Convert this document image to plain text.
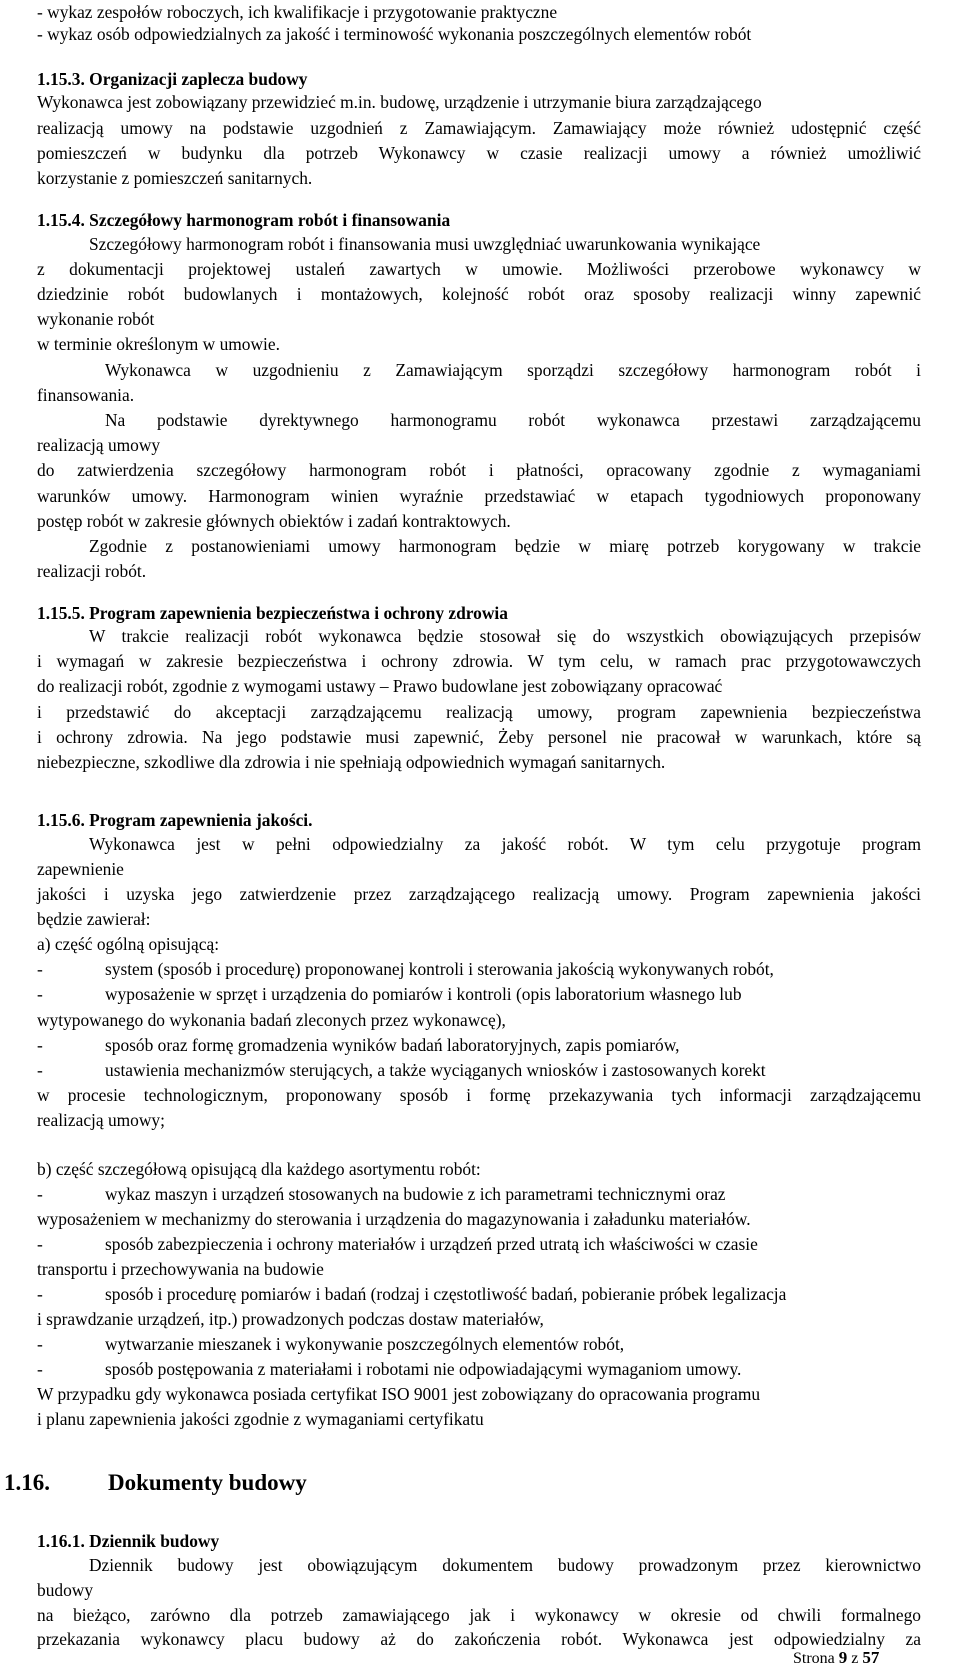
- wykaz zespołów roboczych, ich kwalifikacje i przygotowanie praktyczne
- wykaz osób odpowiedzialnych za jakość i terminowość wykonania poszczególnych elementów robót
1.15.3. Organizacji zaplecza budowy
Wykonawca jest zobowiązany przewidzieć m.in. budowę, urządzenie i utrzymanie biura zarządzającego
realizacją umowy na podstawie uzgodnień z Zamawiającym. Zamawiający może również udostępnić część
pomieszczeń w budynku dla potrzeb Wykonawcy w czasie realizacji umowy a również umożliwić
korzystanie z pomieszczeń sanitarnych.
1.15.4. Szczegółowy harmonogram robót i finansowania
Szczegółowy harmonogram robót i finansowania musi uwzględniać uwarunkowania wynikające
z dokumentacji projektowej ustaleń zawartych w umowie. Możliwości przerobowe wykonawcy w
dziedzinie robót budowlanych i montażowych, kolejność robót oraz sposoby realizacji winny zapewnić
wykonanie robót
w terminie określonym w umowie.
Wykonawca w uzgodnieniu z Zamawiającym sporządzi szczegółowy harmonogram robót i
finansowania.
Na podstawie dyrektywnego harmonogramu robót wykonawca przestawi zarządzającemu
realizacją umowy
do zatwierdzenia szczegółowy harmonogram robót i płatności, opracowany zgodnie z wymaganiami
warunków umowy. Harmonogram winien wyraźnie przedstawiać w etapach tygodniowych proponowany
postęp robót w zakresie głównych obiektów i zadań kontraktowych.
Zgodnie z postanowieniami umowy harmonogram będzie w miarę potrzeb korygowany w trakcie
realizacji robót.
1.15.5. Program zapewnienia bezpieczeństwa i ochrony zdrowia
W trakcie realizacji robót wykonawca będzie stosował się do wszystkich obowiązujących przepisów
i wymagań w zakresie bezpieczeństwa i ochrony zdrowia. W tym celu, w ramach prac przygotowawczych
do realizacji robót, zgodnie z wymogami ustawy – Prawo budowlane jest zobowiązany opracować
i przedstawić do akceptacji zarządzającemu realizacją umowy, program zapewnienia bezpieczeństwa
i ochrony zdrowia. Na jego podstawie musi zapewnić, Żeby personel nie pracował w warunkach, które są
niebezpieczne, szkodliwe dla zdrowia i nie spełniają odpowiednich wymagań sanitarnych.
1.15.6. Program zapewnienia jakości.
Wykonawca jest w pełni odpowiedzialny za jakość robót. W tym celu przygotuje program
zapewnienie
jakości i uzyska jego zatwierdzenie przez zarządzającego realizacją umowy. Program zapewnienia jakości
będzie zawierał:
a) część ogólną opisującą:
-	system (sposób i procedurę) proponowanej kontroli i sterowania jakością wykonywanych robót,
-	wyposażenie w sprzęt i urządzenia do pomiarów i kontroli (opis laboratorium własnego lub
wytypowanego do wykonania badań zleconych przez wykonawcę),
-	sposób oraz formę gromadzenia wyników badań laboratoryjnych, zapis pomiarów,
-	ustawienia mechanizmów sterujących, a także wyciąganych wniosków i zastosowanych korekt
w procesie technologicznym, proponowany sposób i formę przekazywania tych informacji zarządzającemu
realizacją umowy;
b) część szczegółową opisującą dla każdego asortymentu robót:
-	wykaz maszyn i urządzeń stosowanych na budowie z ich parametrami technicznymi oraz
wyposażeniem w mechanizmy do sterowania i urządzenia do magazynowania i załadunku materiałów.
-	sposób zabezpieczenia i ochrony materiałów i urządzeń przed utratą ich właściwości w czasie
transportu i przechowywania na budowie
-	sposób i procedurę pomiarów i badań (rodzaj i częstotliwość badań, pobieranie próbek legalizacja
i sprawdzanie urządzeń, itp.) prowadzonych podczas dostaw materiałów,
-	wytwarzanie mieszanek i wykonywanie poszczególnych elementów robót,
-	sposób postępowania z materiałami i robotami nie odpowiadającymi wymaganiom umowy.
W przypadku gdy wykonawca posiada certyfikat ISO 9001 jest zobowiązany do opracowania programu
i planu zapewnienia jakości zgodnie z wymaganiami certyfikatu
1.16.	Dokumenty budowy
1.16.1. Dziennik budowy
Dziennik budowy jest obowiązującym dokumentem budowy prowadzonym przez kierownictwo
budowy
na bieżąco, zarówno dla potrzeb zamawiającego jak i wykonawcy w okresie od chwili formalnego
przekazania wykonawcy placu budowy aż do zakończenia robót. Wykonawca jest odpowiedzialny za
Strona 9 z 57
